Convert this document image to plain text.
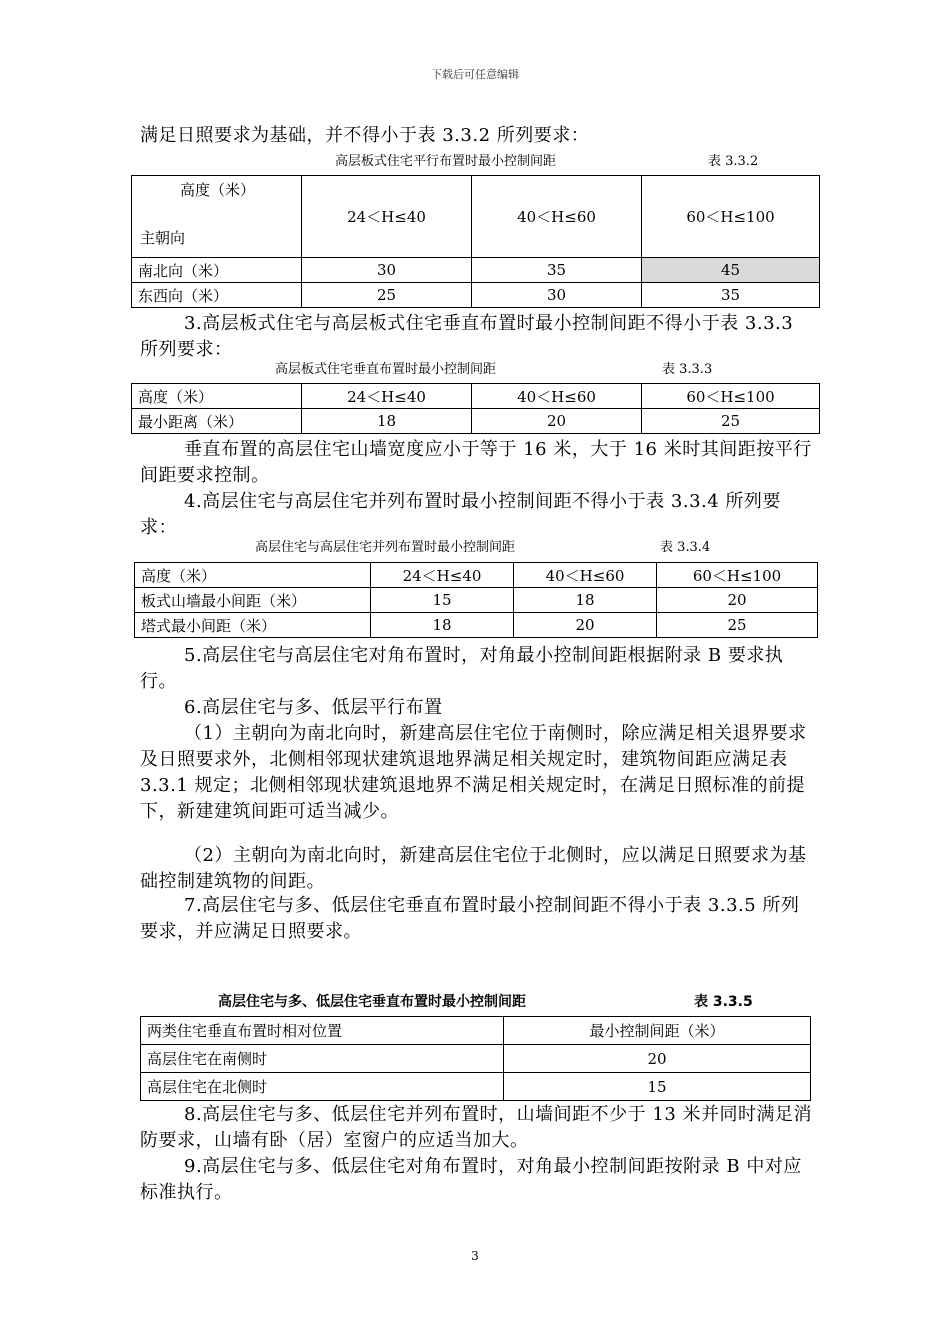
下载后可任意编辑
满足日照要求为基础，并不得小于表 3.3.2 所列要求：
高层板式住宅平行布置时最小控制间距	表 3.3.2
高度（米）
主朝向	24＜H≤40	40＜H≤60	60＜H≤100
南北向（米）	30	35	45
东西向（米）	25	30	35
3.高层板式住宅与高层板式住宅垂直布置时最小控制间距不得小于表 3.3.3 所列要求：
高层板式住宅垂直布置时最小控制间距	表 3.3.3
高度（米）	24＜H≤40	40＜H≤60	60＜H≤100
最小距离（米）	18	20	25
垂直布置的高层住宅山墙宽度应小于等于 16 米，大于 16 米时其间距按平行间距要求控制。
4.高层住宅与高层住宅并列布置时最小控制间距不得小于表 3.3.4 所列要求：
高层住宅与高层住宅并列布置时最小控制间距	表 3.3.4
高度（米）	24＜H≤40	40＜H≤60	60＜H≤100
板式山墙最小间距（米）	15	18	20
塔式最小间距（米）	18	20	25
5.高层住宅与高层住宅对角布置时，对角最小控制间距根据附录 B 要求执行。
6.高层住宅与多、低层平行布置
（1）主朝向为南北向时，新建高层住宅位于南侧时，除应满足相关退界要求及日照要求外，北侧相邻现状建筑退地界满足相关规定时，建筑物间距应满足表 3.3.1 规定；北侧相邻现状建筑退地界不满足相关规定时，在满足日照标准的前提下，新建建筑间距可适当减少。
（2）主朝向为南北向时，新建高层住宅位于北侧时，应以满足日照要求为基础控制建筑物的间距。
7.高层住宅与多、低层住宅垂直布置时最小控制间距不得小于表 3.3.5 所列要求，并应满足日照要求。
高层住宅与多、低层住宅垂直布置时最小控制间距	表 3.3.5
两类住宅垂直布置时相对位置	最小控制间距（米）
高层住宅在南侧时	20
高层住宅在北侧时	15
8.高层住宅与多、低层住宅并列布置时，山墙间距不少于 13 米并同时满足消防要求，山墙有卧（居）室窗户的应适当加大。
9.高层住宅与多、低层住宅对角布置时，对角最小控制间距按附录 B 中对应标准执行。
3
